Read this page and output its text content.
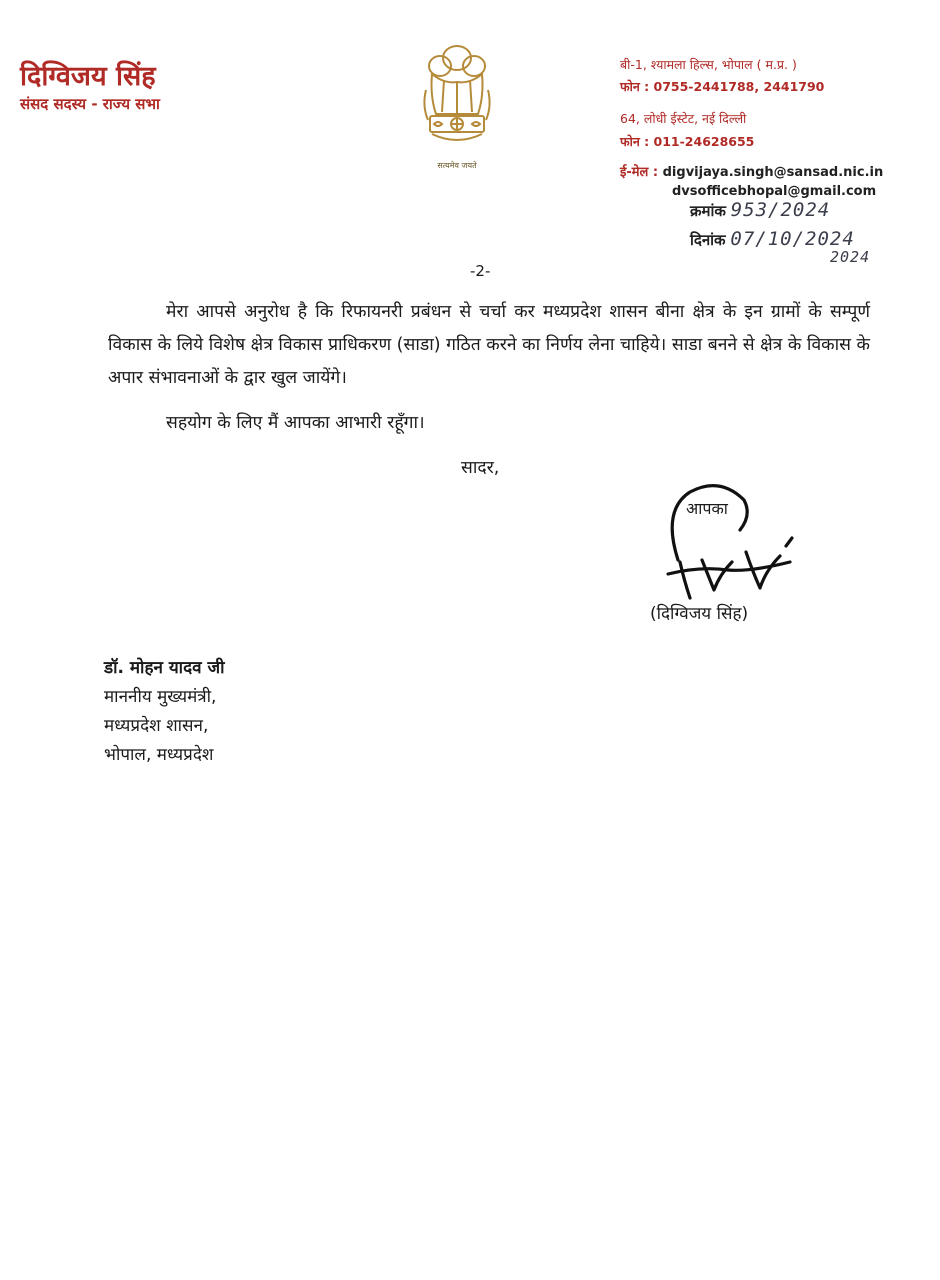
दिग्विजय सिंह
संसद सदस्य - राज्य सभा
सत्यमेव जयते
बी-1, श्यामला हिल्स, भोपाल ( म.प्र. )
फोन : 0755-2441788, 2441790
64, लोधी ईस्टेट, नई दिल्ली
फोन : 011-24628655
ई-मेल : digvijaya.singh@sansad.nic.in
dvsofficebhopal@gmail.com
क्रमांक 953/2024
दिनांक 07/10/2024
2024
-2-
मेरा आपसे अनुरोध है कि रिफायनरी प्रबंधन से चर्चा कर मध्यप्रदेश शासन बीना क्षेत्र के इन ग्रामों के सम्पूर्ण विकास के लिये विशेष क्षेत्र विकास प्राधिकरण (साडा) गठित करने का निर्णय लेना चाहिये। साडा बनने से क्षेत्र के विकास के अपार संभावनाओं के द्वार खुल जायेंगे।
सहयोग के लिए मैं आपका आभारी रहूँगा।
सादर,
आपका
(दिग्विजय सिंह)
डॉ. मोहन यादव जी
माननीय मुख्यमंत्री,
मध्यप्रदेश शासन,
भोपाल, मध्यप्रदेश
